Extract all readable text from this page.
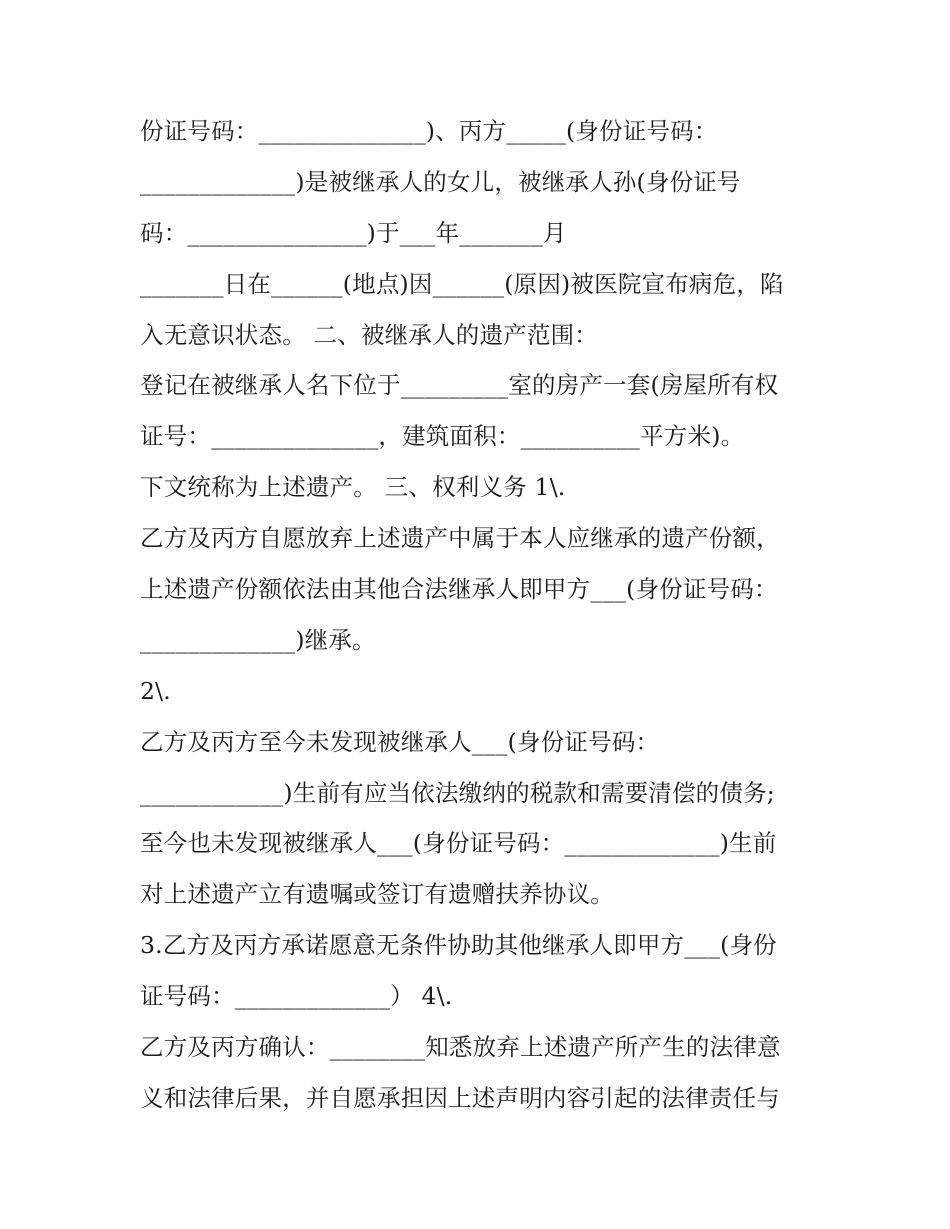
份证号码：______________)、丙方_____(身份证号码：
_____________)是被继承人的女儿，被继承人孙(身份证号
码：_______________)于___年_______月
_______日在______(地点)因______(原因)被医院宣布病危，陷
入无意识状态。 二、被继承人的遗产范围：
登记在被继承人名下位于_________室的房产一套(房屋所有权
证号：______________，建筑面积：__________平方米)。
下文统称为上述遗产。 三、权利义务 1\.
乙方及丙方自愿放弃上述遗产中属于本人应继承的遗产份额，
上述遗产份额依法由其他合法继承人即甲方___(身份证号码：
_____________)继承。
2\.
乙方及丙方至今未发现被继承人___(身份证号码：
____________)生前有应当依法缴纳的税款和需要清偿的债务;
至今也未发现被继承人___(身份证号码：_____________)生前
对上述遗产立有遗嘱或签订有遗赠扶养协议。
3.乙方及丙方承诺愿意无条件协助其他继承人即甲方___(身份
证号码：_____________） 4\.
乙方及丙方确认：________知悉放弃上述遗产所产生的法律意
义和法律后果，并自愿承担因上述声明内容引起的法律责任与
